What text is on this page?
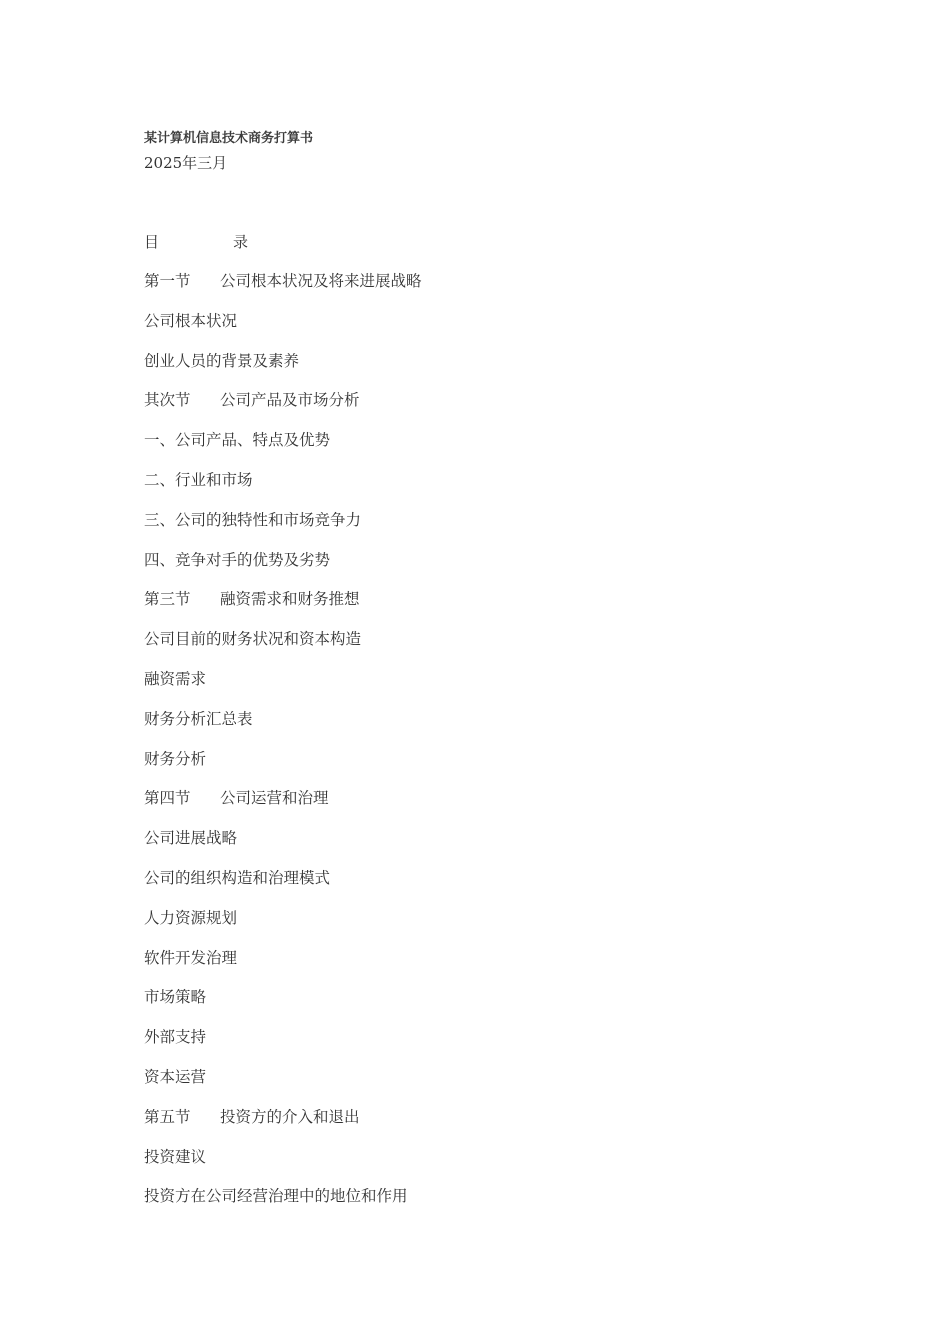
某计算机信息技术商务打算书
2025年三月
目	录
第一节 公司根本状况及将来进展战略
公司根本状况
创业人员的背景及素养
其次节 公司产品及市场分析
一、公司产品、特点及优势
二、行业和市场
三、公司的独特性和市场竞争力
四、竞争对手的优势及劣势
第三节 融资需求和财务推想
公司目前的财务状况和资本构造
融资需求
财务分析汇总表
财务分析
第四节 公司运营和治理
公司进展战略
公司的组织构造和治理模式
人力资源规划
软件开发治理
市场策略
外部支持
资本运营
第五节 投资方的介入和退出
投资建议
投资方在公司经营治理中的地位和作用
